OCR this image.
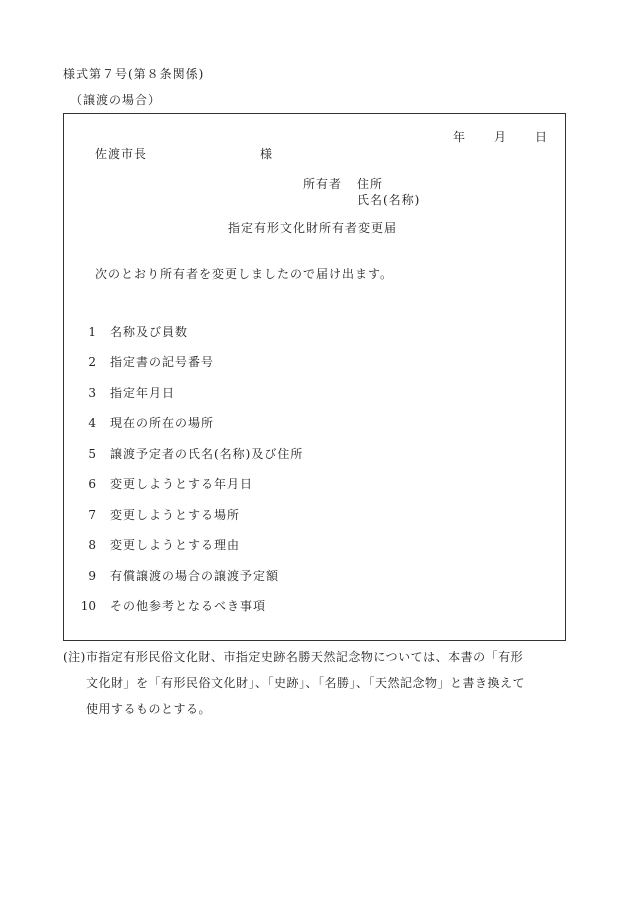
様式第７号(第８条関係)
（譲渡の場合）
年 月 日
佐渡市長	様
所有者 住所
氏名(名称)
指定有形文化財所有者変更届
次のとおり所有者を変更しましたので届け出ます。
1 名称及び員数
2 指定書の記号番号
3 指定年月日
4 現在の所在の場所
5 譲渡予定者の氏名(名称)及び住所
6 変更しようとする年月日
7 変更しようとする場所
8 変更しようとする理由
9 有償譲渡の場合の譲渡予定額
10 その他参考となるべき事項
(注)市指定有形民俗文化財、市指定史跡名勝天然記念物については、本書の「有形
文化財」を「有形民俗文化財」、「史跡」、「名勝」、「天然記念物」と書き換えて
使用するものとする。
